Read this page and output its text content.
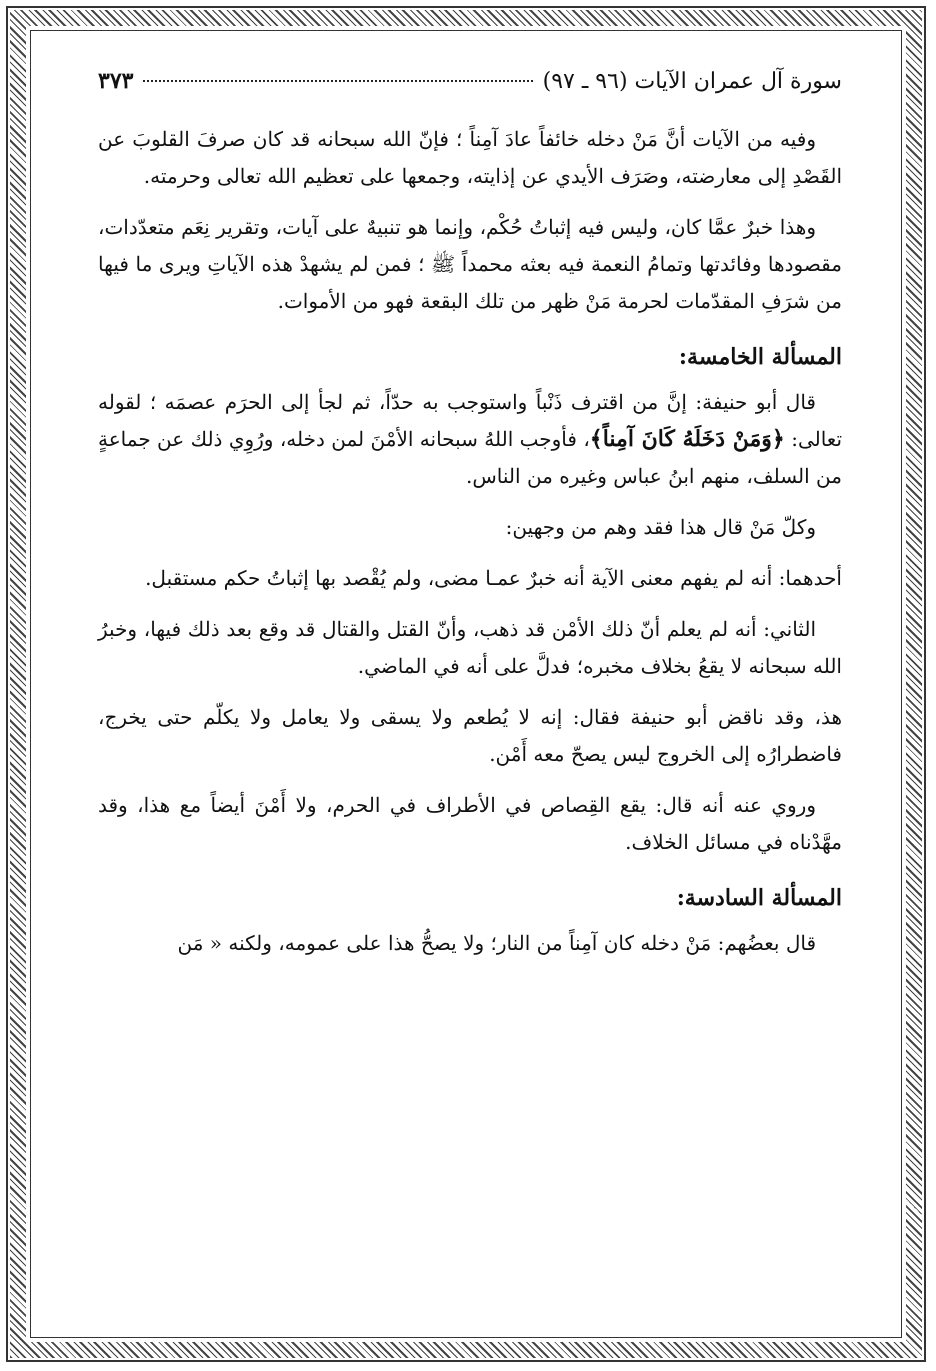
سورة آل عمران الآيات (٩٦ ـ ٩٧)
٣٧٣

وفيه من الآيات أنَّ مَنْ دخله خائفاً عادَ آمِناً ؛ فإنّ الله سبحانه قد كان صرفَ القلوبَ عن القَصْدِ إلى معارضته، وصَرَف الأيدي عن إذايته، وجمعها على تعظيم الله تعالى وحرمته.

وهذا خبرٌ عمَّا كان، وليس فيه إثباتُ حُكْم، وإنما هو تنبيهٌ على آيات، وتقرير نِعَم متعدّدات، مقصودها وفائدتها وتمامُ النعمة فيه بعثه محمداً ﷺ ؛ فمن لم يشهدْ هذه الآياتِ ويرى ما فيها من شرَفِ المقدّمات لحرمة مَنْ ظهر من تلك البقعة فهو من الأموات.

المسألة الخامسة:

قال أبو حنيفة: إنَّ من اقترف ذَنْباً واستوجب به حدّاً، ثم لجأ إلى الحرَم عصمَه ؛ لقوله تعالى: ﴿وَمَنْ دَخَلَهُ كَانَ آمِناً﴾، فأوجب اللهُ سبحانه الأمْنَ لمن دخله، ورُوِي ذلك عن جماعةٍ من السلف، منهم ابنُ عباس وغيره من الناس.

وكلّ مَنْ قال هذا فقد وهم من وجهين:

أحدهما: أنه لم يفهم معنى الآية أنه خبرٌ عمـا مضى، ولم يُقْصد بها إثباتُ حكم مستقبل.

الثاني: أنه لم يعلم أنّ ذلك الأمْن قد ذهب، وأنّ القتل والقتال قد وقع بعد ذلك فيها، وخبرُ الله سبحانه لا يقعُ بخلاف مخبره؛ فدلَّ على أنه في الماضي.

هذ، وقد ناقض أبو حنيفة فقال: إنه لا يُطعم ولا يسقى ولا يعامل ولا يكلّم حتى يخرج، فاضطرارُه إلى الخروج ليس يصحّ معه أَمْن.

وروي عنه أنه قال: يقع القِصاص في الأطراف في الحرم، ولا أَمْنَ أيضاً مع هذا، وقد مهَّدْناه في مسائل الخلاف.

المسألة السادسة:

قال بعضُهم: مَنْ دخله كان آمِناً من النار؛ ولا يصحُّ هذا على عمومه، ولكنه « مَن
